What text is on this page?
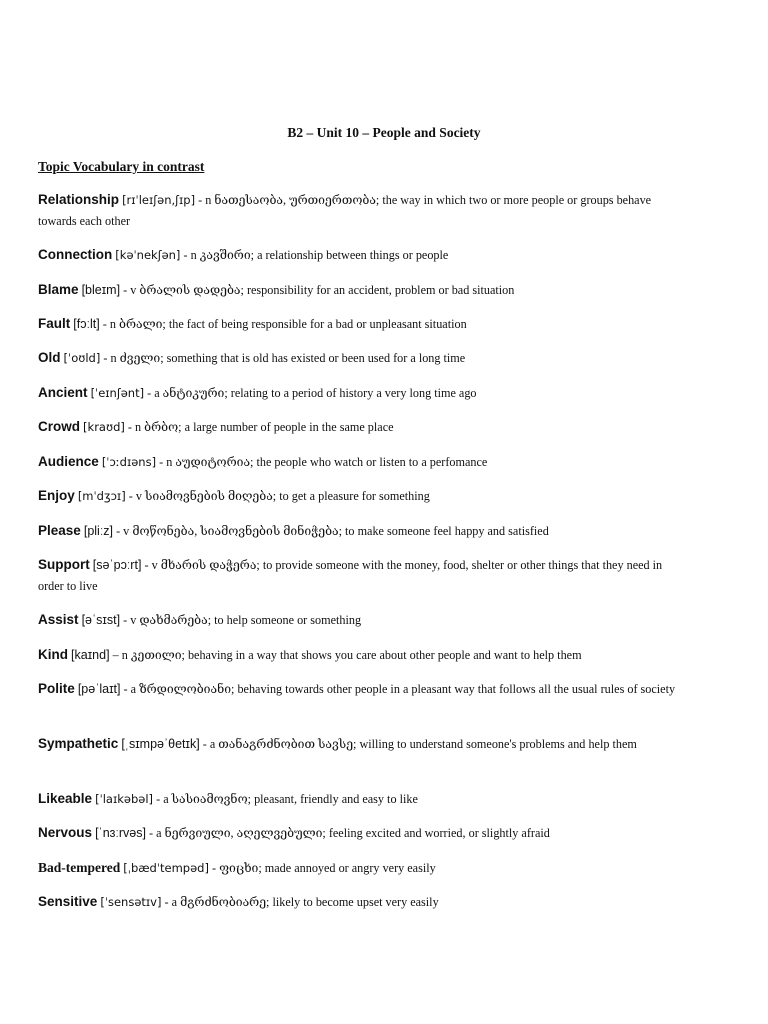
B2 – Unit 10 – People and Society
Topic Vocabulary in contrast
Relationship [rɪˈleɪʃən,ʃɪp] - n ნათესაობა, ურთიერთობა; the way in which two or more people or groups behave towards each other
Connection [kəˈnekʃən] - n კავშირი; a relationship between things or people
Blame [bleɪm] - v ბრალის დადება; responsibility for an accident, problem or bad situation
Fault [fɔːlt] - n ბრალი; the fact of being responsible for a bad or unpleasant situation
Old [ˈoʊld] - n ძველი; something that is old has existed or been used for a long time
Ancient [ˈeɪnʃənt] - a ანტიკური; relating to a period of history a very long time ago
Crowd [kraʊd] - n ბრბო; a large number of people in the same place
Audience [ˈɔːdɪəns] - n აუდიტორია; the people who watch or listen to a perfomance
Enjoy [mˈdʒɔɪ] - v სიამოვნების მიღება; to get a pleasure for something
Please [pliːz] - v მოწონება, სიამოვნების მინიჭება; to make someone feel happy and satisfied
Support [səˈpɔːrt] - v მხარის დაჭერა; to provide someone with the money, food, shelter or other things that they need in order to live
Assist [əˈsɪst] - v დახმარება; to help someone or something
Kind [kaɪnd] – n კეთილი; behaving in a way that shows you care about other people and want to help them
Polite [pəˈlaɪt] - a ზრდილობიანი; behaving towards other people in a pleasant way that follows all the usual rules of society
Sympathetic [ˌsɪmpəˈθetɪk] - a თანაგრძნობით სავსე; willing to understand someone's problems and help them
Likeable [ˈlaɪkəbəl] - a სასიამოვნო; pleasant, friendly and easy to like
Nervous [ˈnɜːrvəs] - a ნერვიული, აღელვებული; feeling excited and worried, or slightly afraid
Bad-tempered [ˌbædˈtempəd] - ფიცხი; made annoyed or angry very easily
Sensitive [ˈsensətɪv] - a მგრძნობიარე; likely to become upset very easily
